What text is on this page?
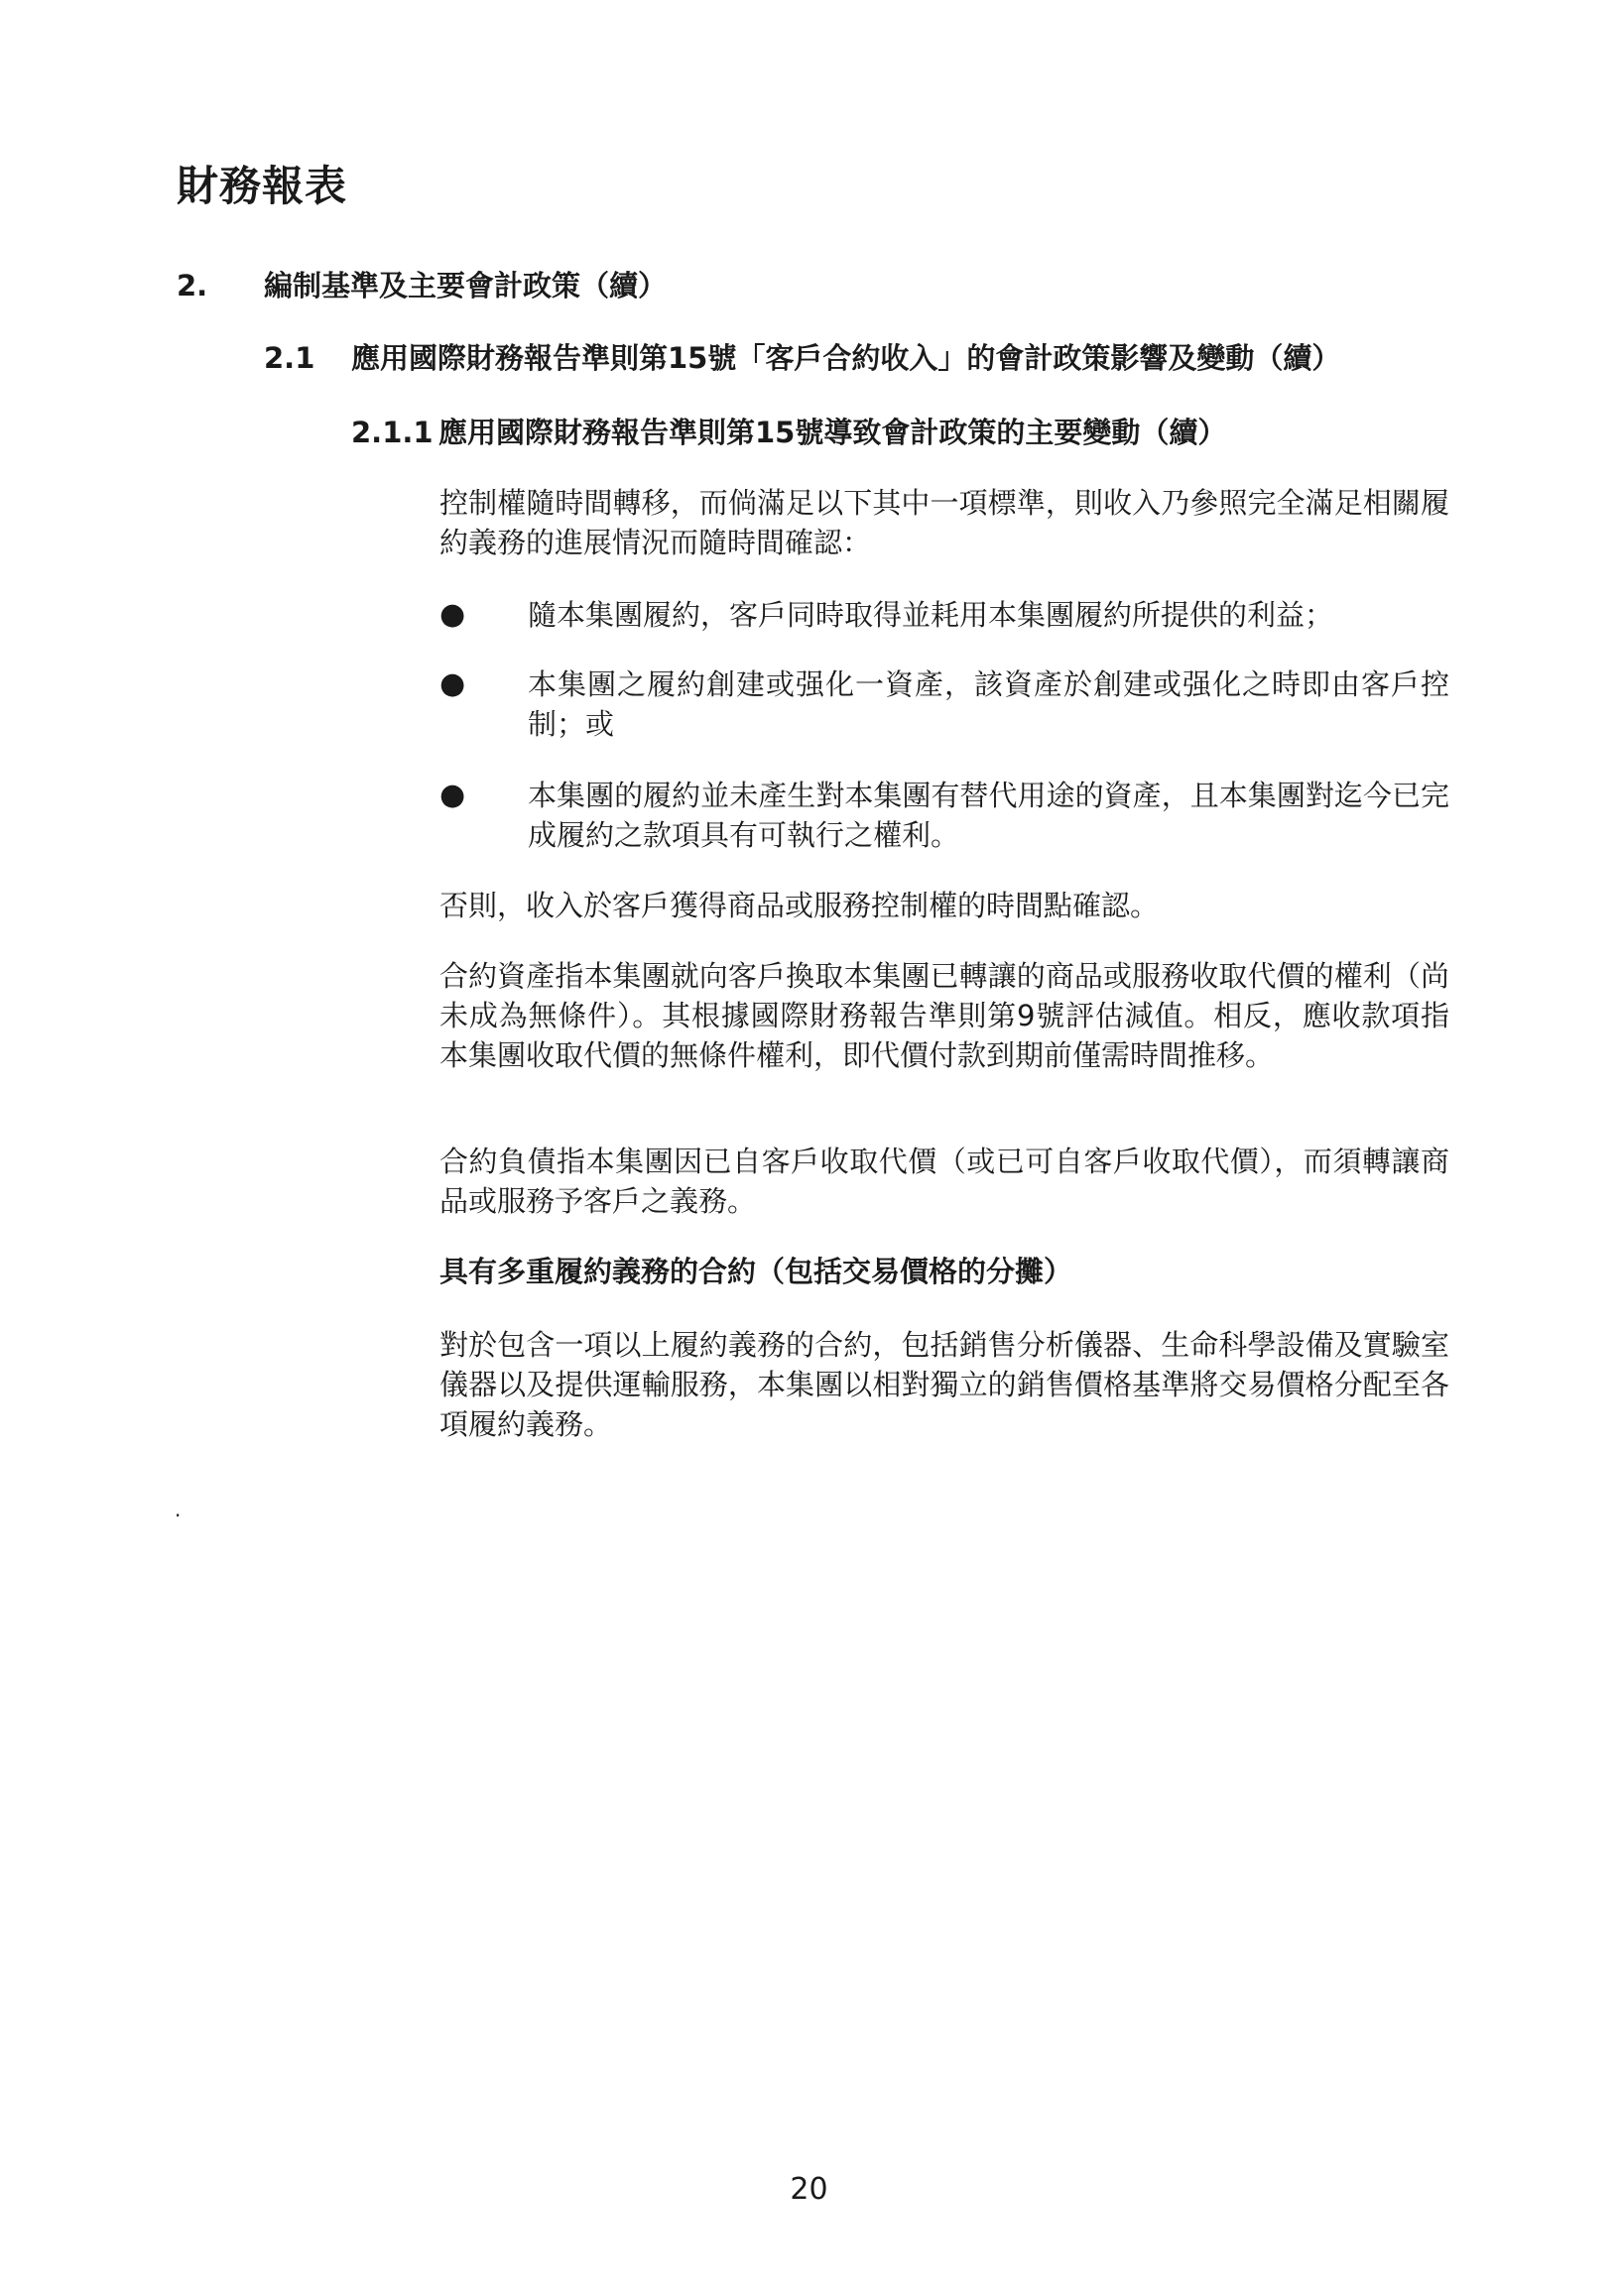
財務報表
2. 編制基準及主要會計政策（續）
2.1 應用國際財務報告準則第15號「客戶合約收入」的會計政策影響及變動（續）
2.1.1 應用國際財務報告準則第15號導致會計政策的主要變動（續）
控制權隨時間轉移，而倘滿足以下其中一項標準，則收入乃參照完全滿足相關履約義務的進展情況而隨時間確認：
● 隨本集團履約，客戶同時取得並耗用本集團履約所提供的利益；
● 本集團之履約創建或强化一資產，該資產於創建或强化之時即由客戶控制；或
● 本集團的履約並未產生對本集團有替代用途的資產，且本集團對迄今已完成履約之款項具有可執行之權利。
否則，收入於客戶獲得商品或服務控制權的時間點確認。
合約資產指本集團就向客戶換取本集團已轉讓的商品或服務收取代價的權利（尚未成為無條件）。其根據國際財務報告準則第9號評估減值。相反，應收款項指本集團收取代價的無條件權利，即代價付款到期前僅需時間推移。
合約負債指本集團因已自客戶收取代價（或已可自客戶收取代價），而須轉讓商品或服務予客戶之義務。
具有多重履約義務的合約（包括交易價格的分攤）
對於包含一項以上履約義務的合約，包括銷售分析儀器、生命科學設備及實驗室儀器以及提供運輸服務，本集團以相對獨立的銷售價格基準將交易價格分配至各項履約義務。
.
20
